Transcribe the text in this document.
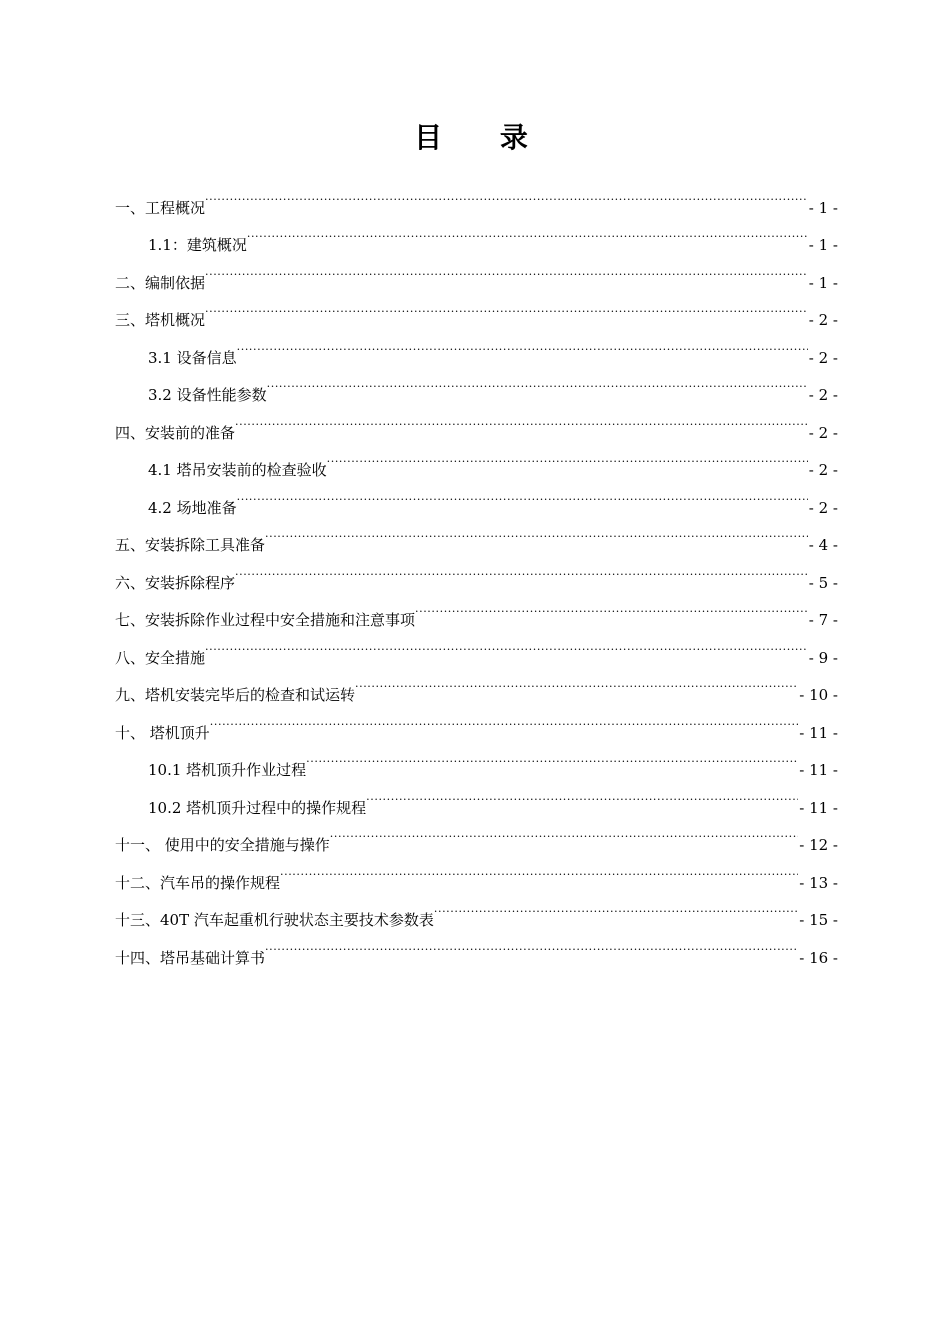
目 录
一、工程概况 .....	- 1 -
1.1：建筑概况 .....	- 1 -
二、编制依据 .....	- 1 -
三、塔机概况 .....	- 2 -
3.1 设备信息 .....	- 2 -
3.2 设备性能参数 .....	- 2 -
四、安装前的准备 .....	- 2 -
4.1 塔吊安装前的检查验收 .....	- 2 -
4.2 场地准备 .....	- 2 -
五、安装拆除工具准备 .....	- 4 -
六、安装拆除程序 .....	- 5 -
七、安装拆除作业过程中安全措施和注意事项 .....	- 7 -
八、安全措施 .....	- 9 -
九、塔机安装完毕后的检查和试运转 .....	- 10 -
十、 塔机顶升 .....	- 11 -
10.1 塔机顶升作业过程 .....	- 11 -
10.2 塔机顶升过程中的操作规程 .....	- 11 -
十一、 使用中的安全措施与操作 .....	- 12 -
十二、汽车吊的操作规程 .....	- 13 -
十三、40T 汽车起重机行驶状态主要技术参数表 .....	- 15 -
十四、塔吊基础计算书 .....	- 16 -
